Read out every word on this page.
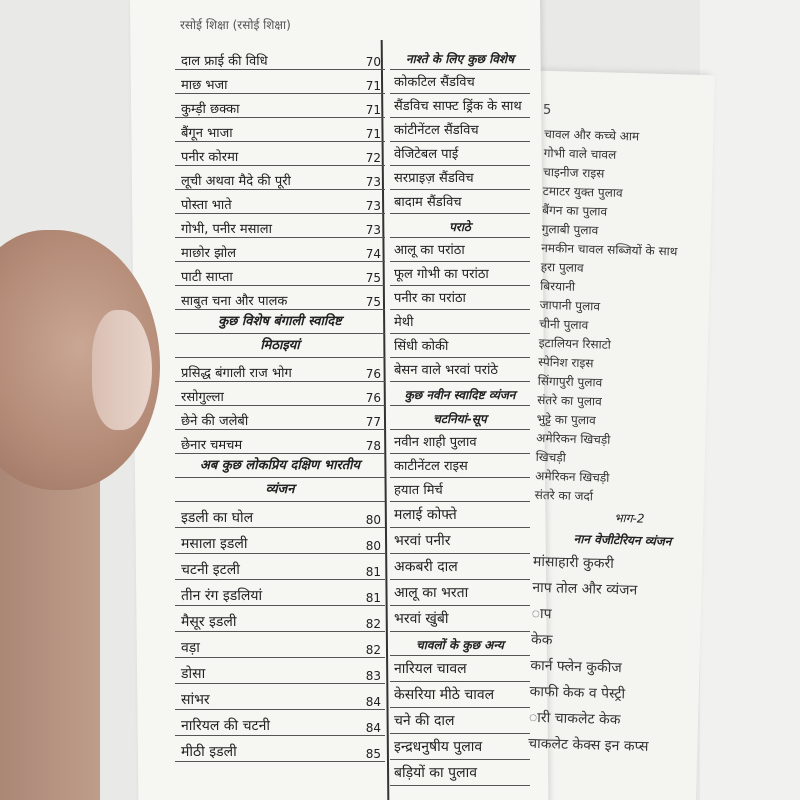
रसोई शिक्षा (रसोई शिक्षा)
दाल फ्राई की विधि	70
माछ भजा	71
कुम्ड़ी छक्का	71
बैंगून भाजा	71
पनीर कोरमा	72
लूची अथवा मैदे की पूरी	73
पोस्ता भाते	73
गोभी, पनीर मसाला	73
माछोर झोल	74
पाटी साप्ता	75
साबुत चना और पालक	75
कुछ विशेष बंगाली स्वादिष्ट
मिठाइयां
प्रसिद्ध बंगाली राज भोग	76
रसोगुल्ला	76
छेने की जलेबी	77
छेनार चमचम	78
अब कुछ लोकप्रिय दक्षिण भारतीय
व्यंजन
इडली का घोल	80
मसाला इडली	80
चटनी इटली	81
तीन रंग इडलियां	81
मैसूर इडली	82
वड़ा	82
डोसा	83
सांभर	84
नारियल की चटनी	84
मीठी इडली	85
नाश्ते के लिए कुछ विशेष
कोकटिल सैंडविच
सैंडविच साफ्ट ड्रिंक के साथ
कांटीनेंटल सैंडविच
वेजिटेबल पाई
सरप्राइज़ सैंडविच
बादाम सैंडविच
पराठे
आलू का परांठा
फूल गोभी का परांठा
पनीर का परांठा
मेथी
सिंधी कोकी
बेसन वाले भरवां परांठे
कुछ नवीन स्वादिष्ट व्यंजन
चटनियां-सूप
नवीन शाही पुलाव
काटीनेंटल राइस
हयात मिर्च
मलाई कोफ्ते
भरवां पनीर
अकबरी दाल
आलू का भरता
भरवां खुंबी
चावलों के कुछ अन्य
नारियल चावल
केसरिया मीठे चावल
चने की दाल
इन्द्रधनुषीय पुलाव
बड़ियों का पुलाव
5
चावल और कच्चे आम
गोभी वाले चावल
चाइनीज राइस
टमाटर युक्त पुलाव
बैंगन का पुलाव
गुलाबी पुलाव
नमकीन चावल सब्जियों के साथ
हरा पुलाव
बिरयानी
जापानी पुलाव
चीनी पुलाव
इटालियन रिसाटो
स्पेनिश राइस
सिंगापुरी पुलाव
संतरे का पुलाव
भुट्टे का पुलाव
अमेरिकन खिचड़ी
खिचड़ी
अमेरिकन खिचड़ी
संतरे का जर्दा
भाग-2
नान वेजीटेरियन व्यंजन
मांसाहारी कुकरी
नाप तोल और व्यंजन
ाप
केक
कार्न फ्लेन कुकीज
काफी केक व पेस्ट्री
ारी चाकलेट केक
चाकलेट केक्स इन कप्स
